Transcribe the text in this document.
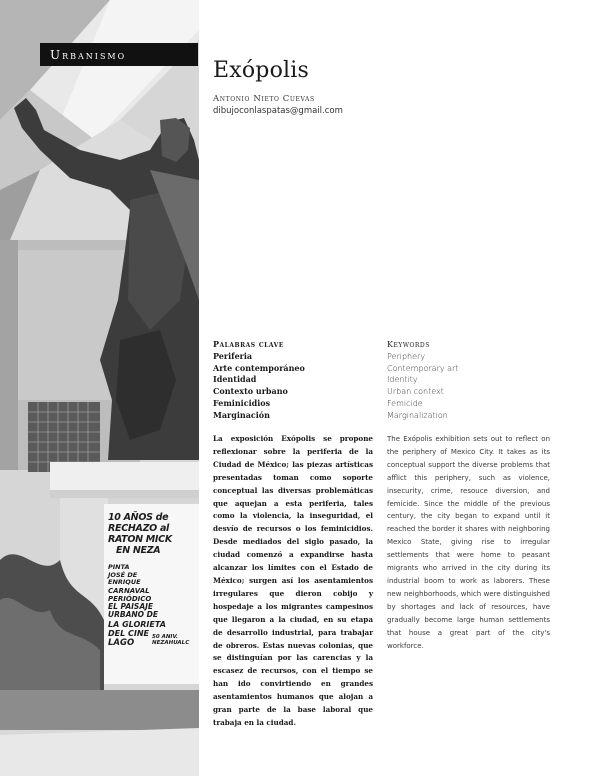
10 AÑOS de
RECHAZO al
RATON MICK
EN NEZA
PINTA
JOSÉ DE
ENRIQUE
CARNAVAL
PERIÓDICO
EL PAISAJE
URBANO DE
LA GLORIETA
DEL CINE
LAGO
50 ANIV.
NEZAHUALC
Urbanismo
Exópolis
Antonio Nieto Cuevas
dibujoconlaspatas@gmail.com
Palabras clave
Periferia
Arte contemporáneo
Identidad
Contexto urbano
Feminicidios
Marginación
Keywords
Periphery
Contemporary art
Identity
Urban context
Femicide
Marginalization

La exposición Exópolis se propone reflexionar sobre la periferia de la Ciudad de México; las piezas artísticas presentadas toman como soporte conceptual las diversas problemáticas que aquejan a esta periferia, tales como la violencia, la inseguridad, el desvío de recursos o los feminicidios. Desde mediados del siglo pasado, la ciudad comenzó a expandirse hasta alcanzar los límites con el Estado de México; surgen así los asentamientos irregulares que dieron cobijo y hospedaje a los migrantes campesinos que llegaron a la ciudad, en su etapa de desarrollo industrial, para trabajar de obreros. Estas nuevas colonias, que se distinguían por las carencias y la escasez de recursos, con el tiempo se han ido convirtiendo en grandes asentamientos humanos que alojan a gran parte de la base laboral que trabaja en la ciudad.

The Exópolis exhibition sets out to reflect on the periphery of Mexico City. It takes as its conceptual support the diverse problems that afflict this periphery, such as violence, insecurity, crime, resouce diversion, and femicide. Since the middle of the previous century, the city began to expand until it reached the border it shares with neighboring Mexico State, giving rise to irregular settlements that were home to peasant migrants who arrived in the city during its industrial boom to work as laborers. These new neighborhoods, which were distinguished by shortages and lack of resources, have gradually become large human settlements that house a great part of the city's workforce.
